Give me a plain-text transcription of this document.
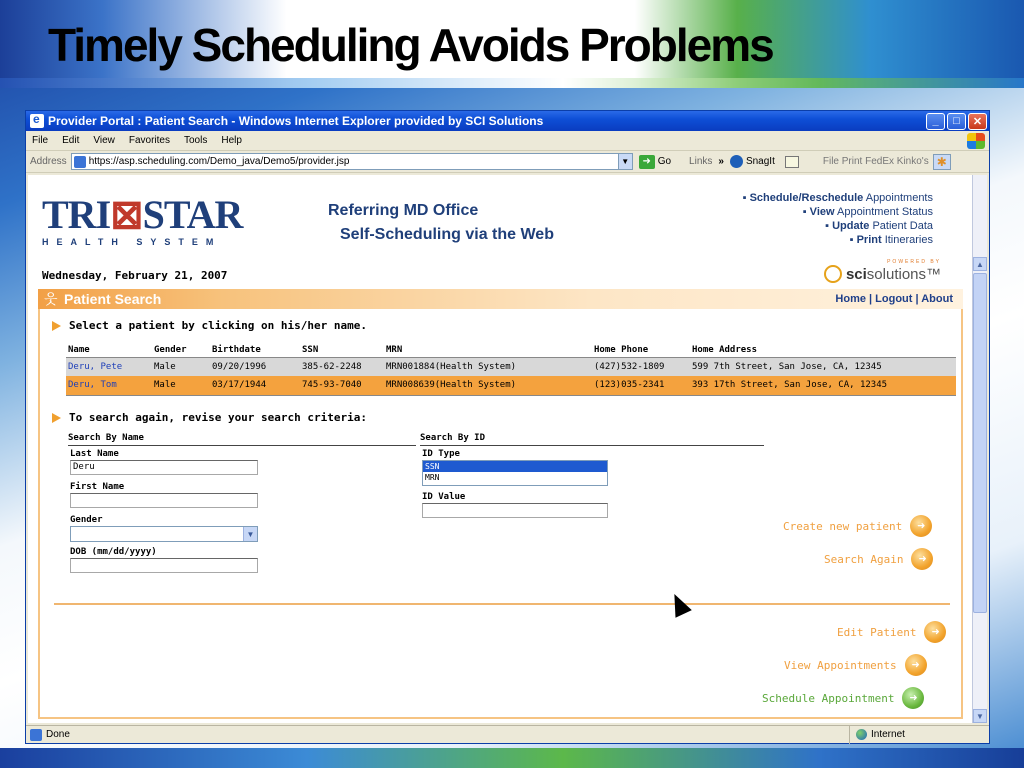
Timely Scheduling Avoids Problems
e
Provider Portal : Patient Search - Windows Internet Explorer provided by SCI Solutions	_	□	✕
File Edit View Favorites Tools Help
Address https://asp.scheduling.com/Demo_java/Demo5/provider.jsp	▼	➜ Go Links » SnagIt	File Print FedEx Kinko's ✱
TRI⊠STAR
HEALTH SYSTEM
Referring MD Office
Self-Scheduling via the Web
▪ Schedule/Reschedule Appointments
▪ View Appointment Status
▪ Update Patient Data
▪ Print Itineraries
Wednesday, February 21, 2007
POWERED BY
sci solutions™
웃 Patient Search	Home | Logout | About
Select a patient by clicking on his/her name.
Name	Gender	Birthdate	SSN	MRN	Home Phone	Home Address
Deru, Pete	Male	09/20/1996	385-62-2248	MRN001884(Health System)	(427)532-1809	599 7th Street, San Jose, CA, 12345
Deru, Tom	Male	03/17/1944	745-93-7040	MRN008639(Health System)	(123)035-2341	393 17th Street, San Jose, CA, 12345
To search again, revise your search criteria:
Search By Name
Last Name
Deru
First Name
Gender
▼
DOB (mm/dd/yyyy)
Search By ID
ID Type
SSN
MRN
ID Value
Create new patient	➜
Search Again	➜
Edit Patient	➜
View Appointments	➜
Schedule Appointment	➜
▲
▼
Done	Internet
